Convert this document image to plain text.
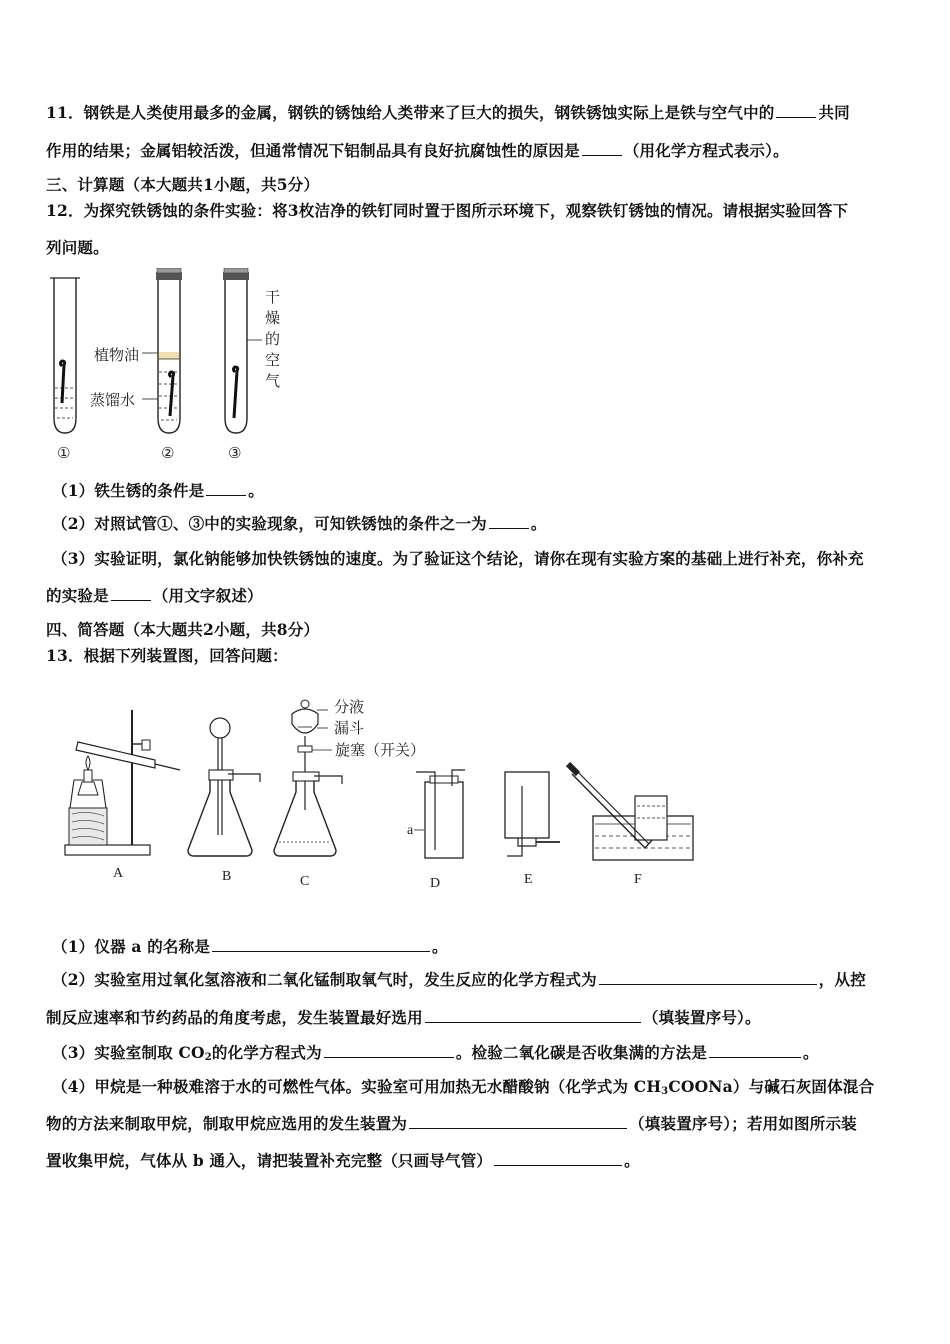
11．钢铁是人类使用最多的金属，钢铁的锈蚀给人类带来了巨大的损失，钢铁锈蚀实际上是铁与空气中的	共同
作用的结果；金属铝较活泼，但通常情况下铝制品具有良好抗腐蚀性的原因是	（用化学方程式表示）。
三、计算题（本大题共1小题，共5分）
12．为探究铁锈蚀的条件实验：将3枚洁净的铁钉同时置于图所示环境下，观察铁钉锈蚀的情况。请根据实验回答下
列问题。
植物油
蒸馏水
干
燥
的
空
气
①	②	③
（1）铁生锈的条件是	。
（2）对照试管①、③中的实验现象，可知铁锈蚀的条件之一为	。
（3）实验证明，氯化钠能够加快铁锈蚀的速度。为了验证这个结论，请你在现有实验方案的基础上进行补充，你补充
的实验是	（用文字叙述）
四、简答题（本大题共2小题，共8分）
13．根据下列装置图，回答问题：
分液
漏斗
旋塞（开关）
a
A	B	C	D	E	F
（1）仪器 a 的名称是	。
（2）实验室用过氧化氢溶液和二氧化锰制取氧气时，发生反应的化学方程式为	，从控
制反应速率和节约药品的角度考虑，发生装置最好选用	（填装置序号）。
（3）实验室制取 $CO_2$的化学方程式为	。检验二氧化碳是否收集满的方法是	。
（4）甲烷是一种极难溶于水的可燃性气体。实验室可用加热无水醋酸钠（化学式为 $CH_3COONa$）与碱石灰固体混合
物的方法来制取甲烷，制取甲烷应选用的发生装置为	（填装置序号）；若用如图所示装
置收集甲烷，气体从 b 通入，请把装置补充完整（只画导气管）	。
